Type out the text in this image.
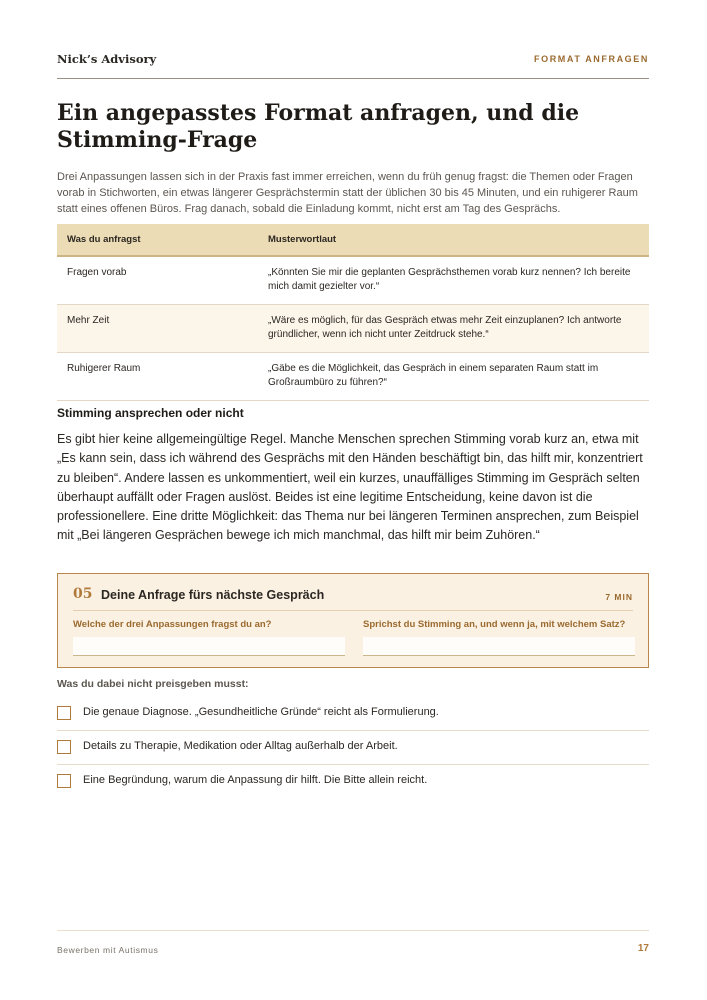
Nick’s Advisory	FORMAT ANFRAGEN
Ein angepasstes Format anfragen, und die Stimming-Frage

Drei Anpassungen lassen sich in der Praxis fast immer erreichen, wenn du früh genug fragst: die Themen oder Fragen vorab in Stichworten, ein etwas längerer Gesprächstermin statt der üblichen 30 bis 45 Minuten, und ein ruhigerer Raum statt eines offenen Büros. Frag danach, sobald die Einladung kommt, nicht erst am Tag des Gesprächs.

Was du anfragst	Musterwortlaut
Fragen vorab	„Könnten Sie mir die geplanten Gesprächsthemen vorab kurz nennen? Ich bereite mich damit gezielter vor.“
Mehr Zeit	„Wäre es möglich, für das Gespräch etwas mehr Zeit einzuplanen? Ich antworte gründlicher, wenn ich nicht unter Zeitdruck stehe.“
Ruhigerer Raum	„Gäbe es die Möglichkeit, das Gespräch in einem separaten Raum statt im Großraumbüro zu führen?“
Stimming ansprechen oder nicht

Es gibt hier keine allgemeingültige Regel. Manche Menschen sprechen Stimming vorab kurz an, etwa mit „Es kann sein, dass ich während des Gesprächs mit den Händen beschäftigt bin, das hilft mir, konzentriert zu bleiben“. Andere lassen es unkommentiert, weil ein kurzes, unauffälliges Stimming im Gespräch selten überhaupt auffällt oder Fragen auslöst. Beides ist eine legitime Entscheidung, keine davon ist die professionellere. Eine dritte Möglichkeit: das Thema nur bei längeren Terminen ansprechen, zum Beispiel mit „Bei längeren Gesprächen bewege ich mich manchmal, das hilft mir beim Zuhören.“

05 Deine Anfrage fürs nächste Gespräch	7 MIN
Welche der drei Anpassungen fragst du an?	Sprichst du Stimming an, und wenn ja, mit welchem Satz?

Was du dabei nicht preisgeben musst:

Die genaue Diagnose. „Gesundheitliche Gründe“ reicht als Formulierung.
Details zu Therapie, Medikation oder Alltag außerhalb der Arbeit.
Eine Begründung, warum die Anpassung dir hilft. Die Bitte allein reicht.
Bewerben mit Autismus	17
